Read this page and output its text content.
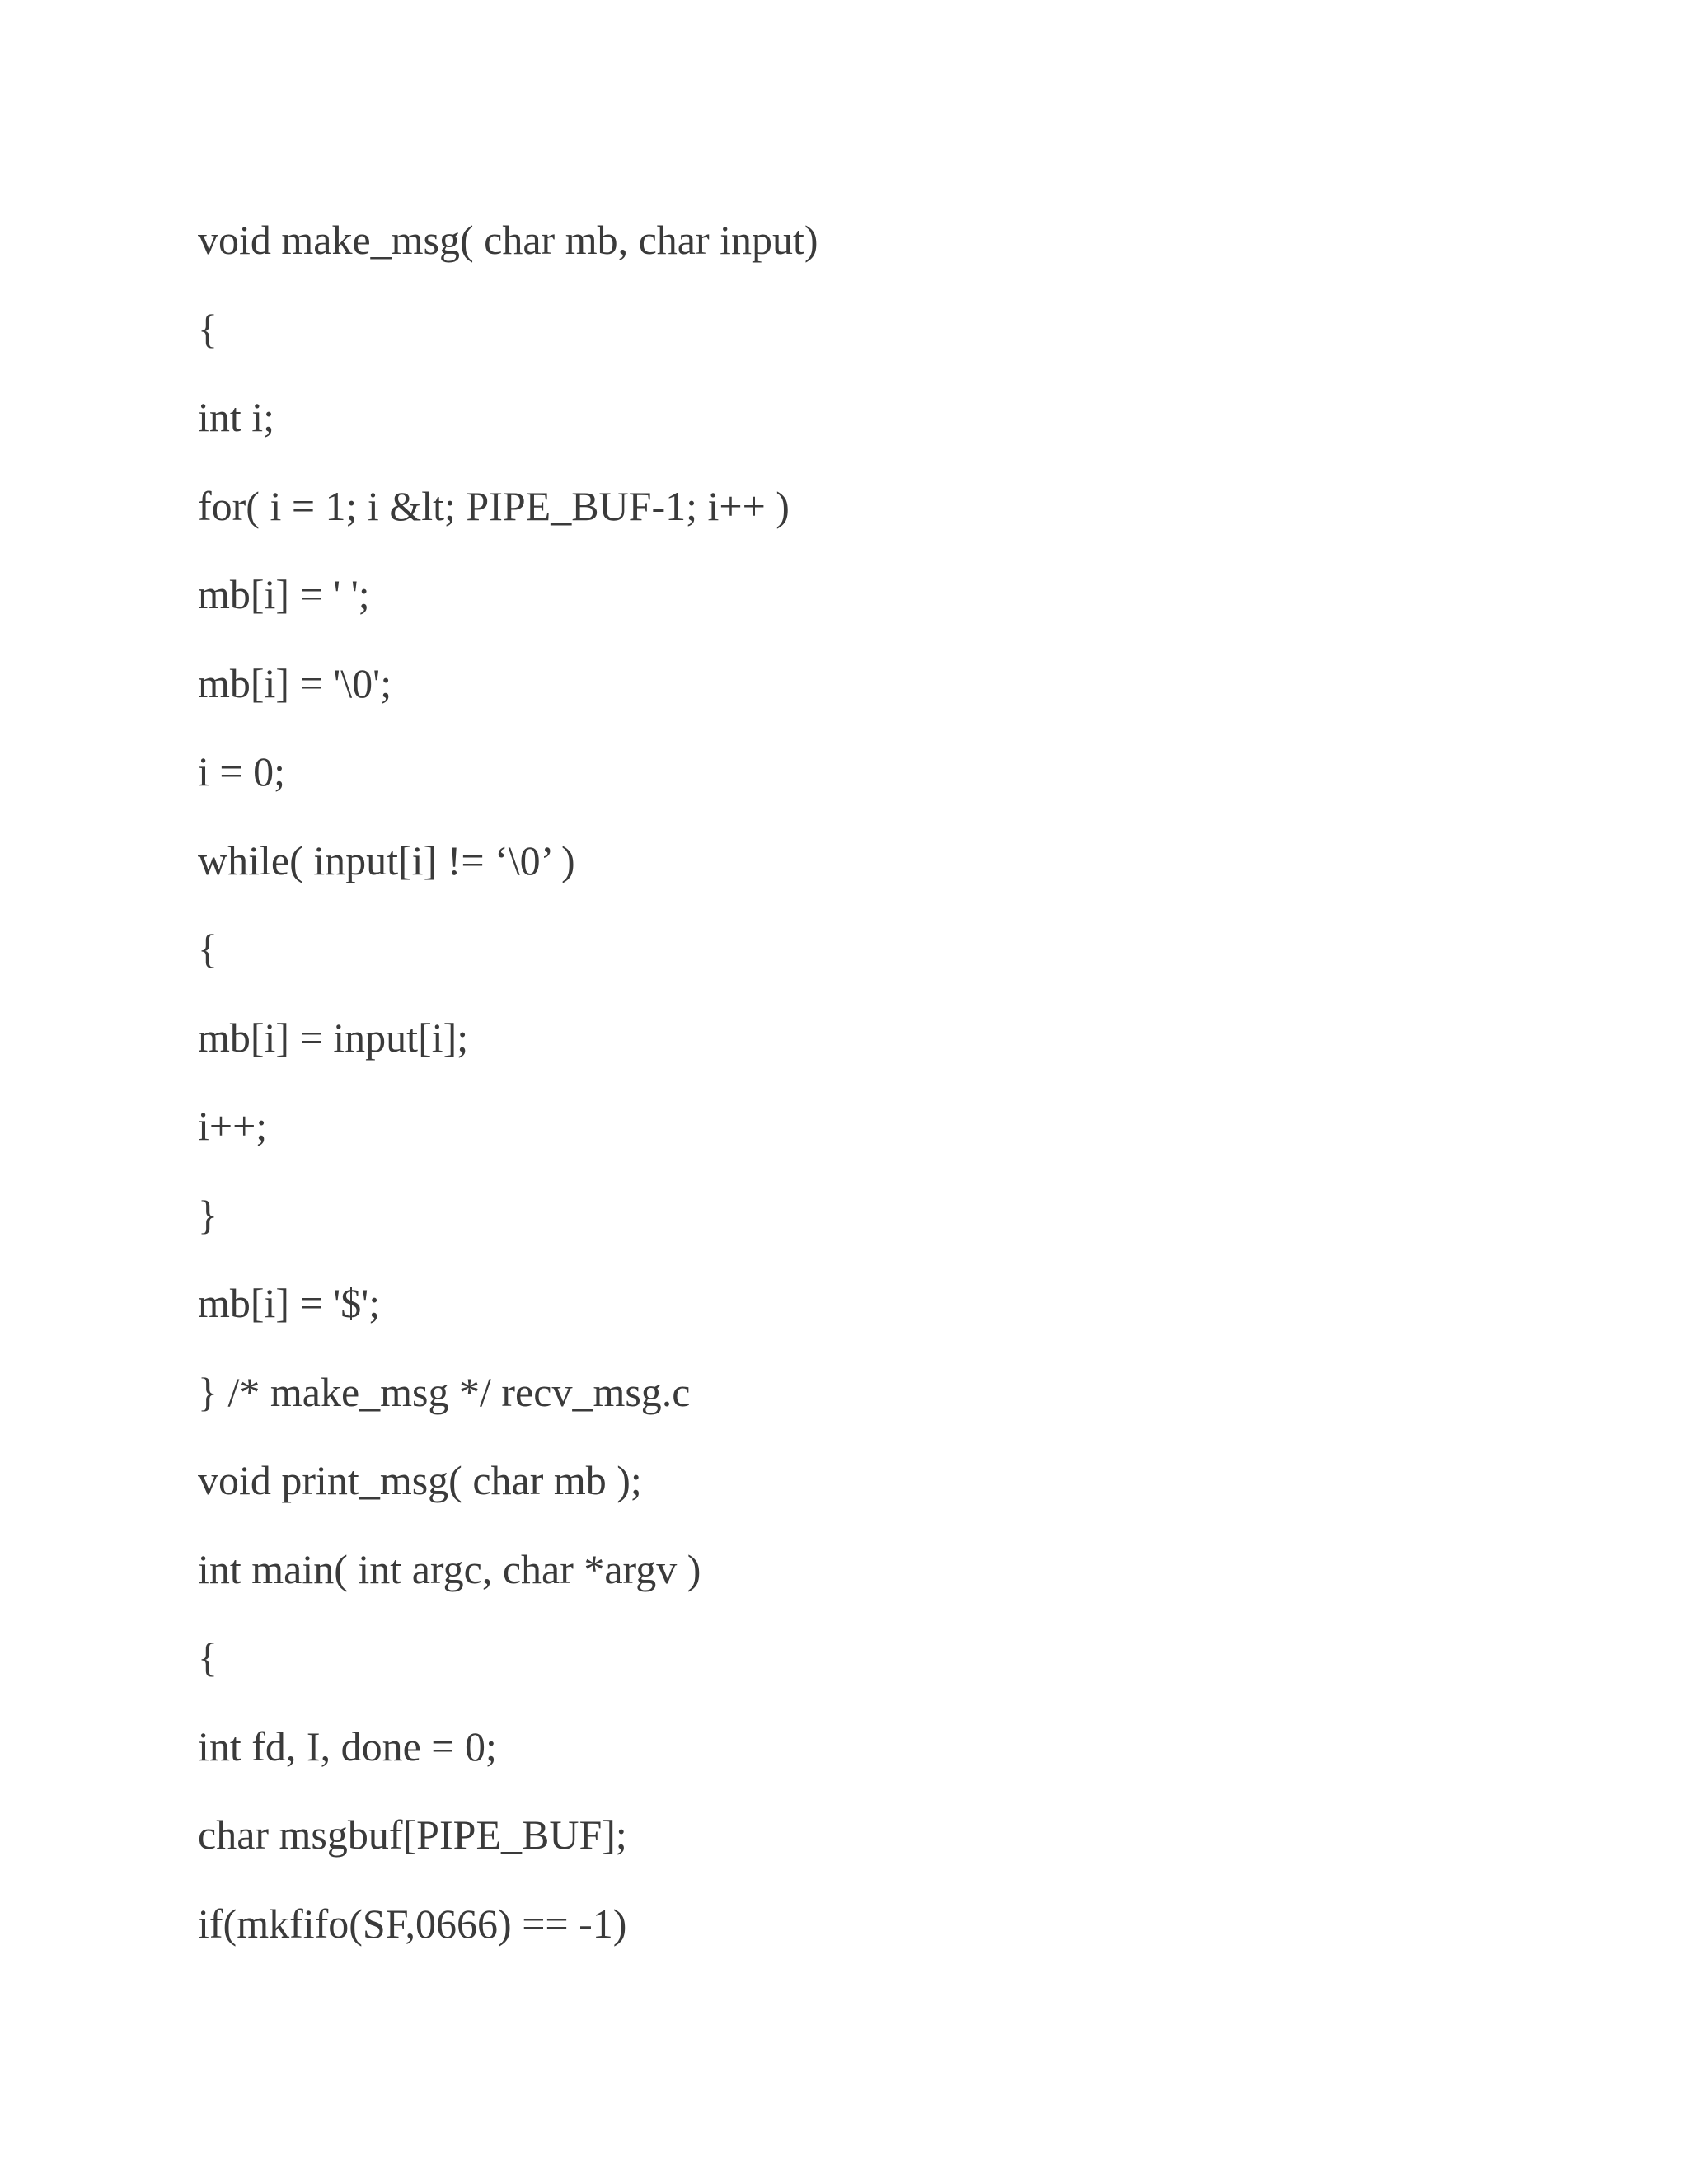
void make_msg( char mb, char input)
{
int i;
for( i = 1; i &lt; PIPE_BUF-1; i++ )
mb[i] = ' ';
mb[i] = '\0';
i = 0;
while( input[i] != ‘\0’ )
{
mb[i] = input[i];
i++;
}
mb[i] = '$';
} /* make_msg */ recv_msg.c
void print_msg( char mb );
int main( int argc, char *argv )
{
int fd, I, done = 0;
char msgbuf[PIPE_BUF];
if(mkfifo(SF,0666) == -1)
